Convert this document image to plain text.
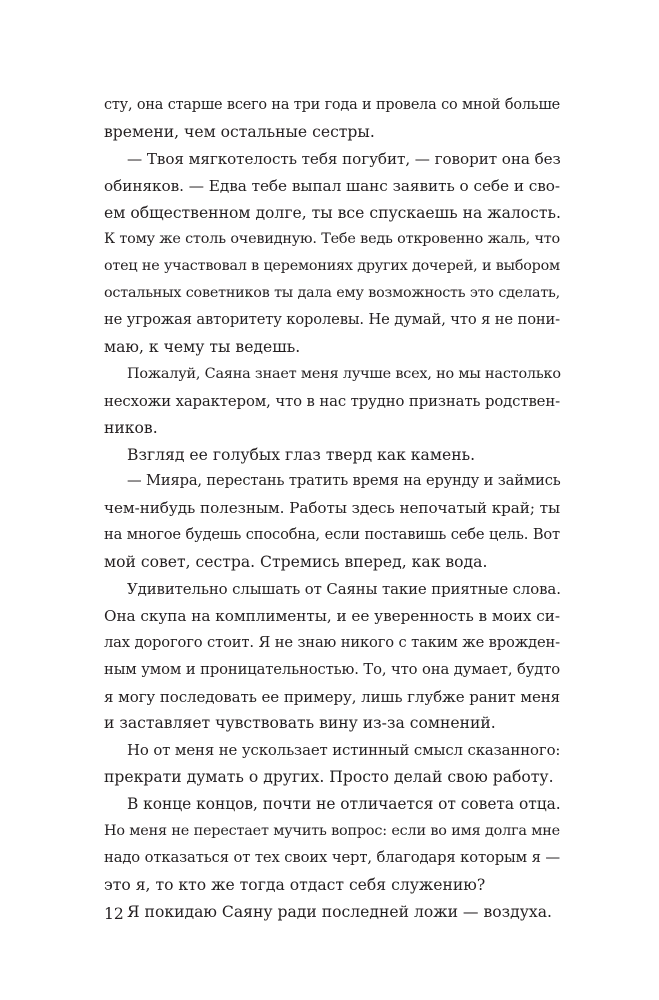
сту, она старше всего на три года и провела со мной больше
времени, чем остальные сестры.
— Твоя мягкотелость тебя погубит, — говорит она без
обиняков. — Едва тебе выпал шанс заявить о себе и сво-
ем общественном долге, ты все спускаешь на жалость.
К тому же столь очевидную. Тебе ведь откровенно жаль, что
отец не участвовал в церемониях других дочерей, и выбором
остальных советников ты дала ему возможность это сделать,
не угрожая авторитету королевы. Не думай, что я не пони-
маю, к чему ты ведешь.
Пожалуй, Саяна знает меня лучше всех, но мы настолько
несхожи характером, что в нас трудно признать родствен-
ников.
Взгляд ее голубых глаз тверд как камень.
— Мияра, перестань тратить время на ерунду и займись
чем-нибудь полезным. Работы здесь непочатый край; ты
на многое будешь способна, если поставишь себе цель. Вот
мой совет, сестра. Стремись вперед, как вода.
Удивительно слышать от Саяны такие приятные слова.
Она скупа на комплименты, и ее уверенность в моих си-
лах дорогого стоит. Я не знаю никого с таким же врожден-
ным умом и проницательностью. То, что она думает, будто
я могу последовать ее примеру, лишь глубже ранит меня
и заставляет чувствовать вину из-за сомнений.
Но от меня не ускользает истинный смысл сказанного:
прекрати думать о других. Просто делай свою работу.
В конце концов, почти не отличается от совета отца.
Но меня не перестает мучить вопрос: если во имя долга мне
надо отказаться от тех своих черт, благодаря которым я —
это я, то кто же тогда отдаст себя служению?
Я покидаю Саяну ради последней ложи — воздуха.
12
